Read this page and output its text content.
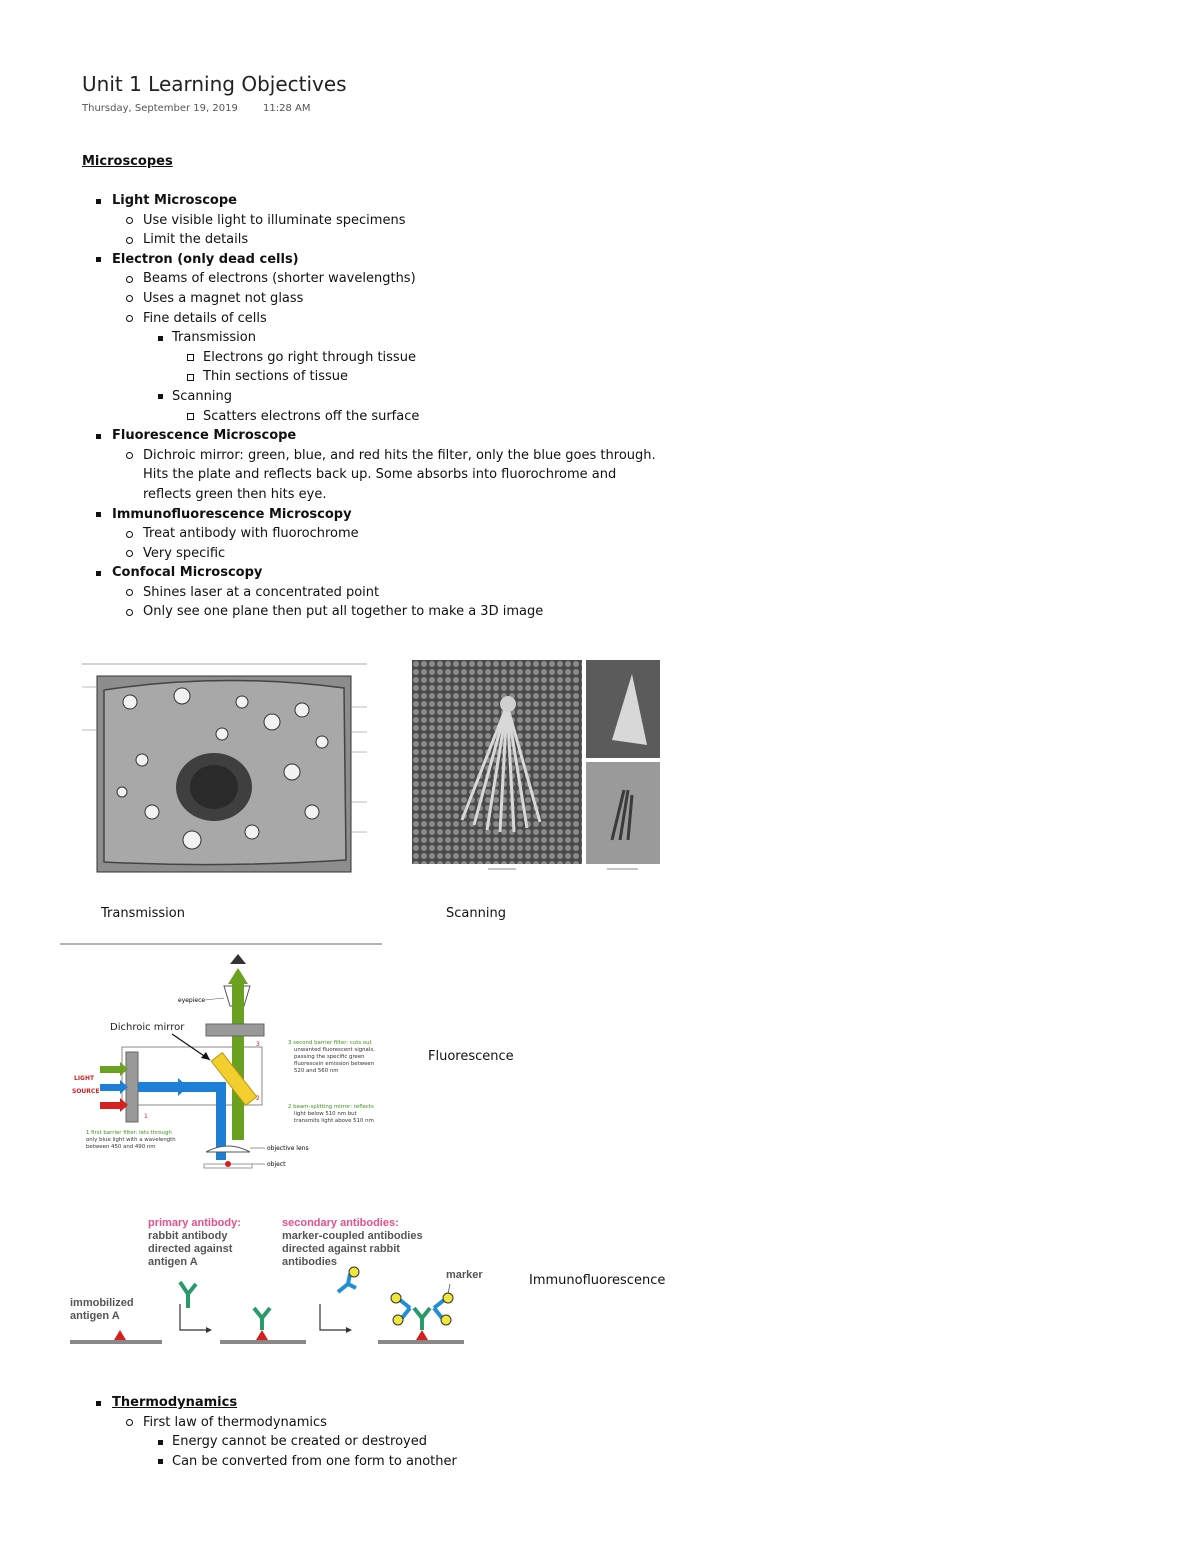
Unit 1 Learning Objectives
Thursday, September 19, 2019	11:28 AM
Microscopes
Light Microscope
Use visible light to illuminate specimens
Limit the details
Electron (only dead cells)
Beams of electrons (shorter wavelengths)
Uses a magnet not glass
Fine details of cells
Transmission
Electrons go right through tissue
Thin sections of tissue
Scanning
Scatters electrons off the surface
Fluorescence Microscope
Dichroic mirror: green, blue, and red hits the filter, only the blue goes through.
Hits the plate and reflects back up. Some absorbs into fluorochrome and
reflects green then hits eye.
Immunofluorescence Microscopy
Treat antibody with fluorochrome
Very specific
Confocal Microscopy
Shines laser at a concentrated point
Only see one plane then put all together to make a 3D image
Transmission	Scanning
eyepiece
LIGHT
SOURCE
Dichroic mirror
objective lens
object
1
2
3	3 second barrier filter: cuts out
unwanted fluorescent signals,
passing the specific green
fluorescein emission between
520 and 560 nm
2 beam-splitting mirror: reflects
light below 510 nm but
transmits light above 510 nm
1 first barrier filter: lets through
only blue light with a wavelength
between 450 and 490 nm
Fluorescence
primary antibody:
rabbit antibody
directed against
antigen A
secondary antibodies:
marker-coupled antibodies
directed against rabbit
antibodies
immobilized
antigen A
marker	Immunofluorescence
Thermodynamics
First law of thermodynamics
Energy cannot be created or destroyed
Can be converted from one form to another
